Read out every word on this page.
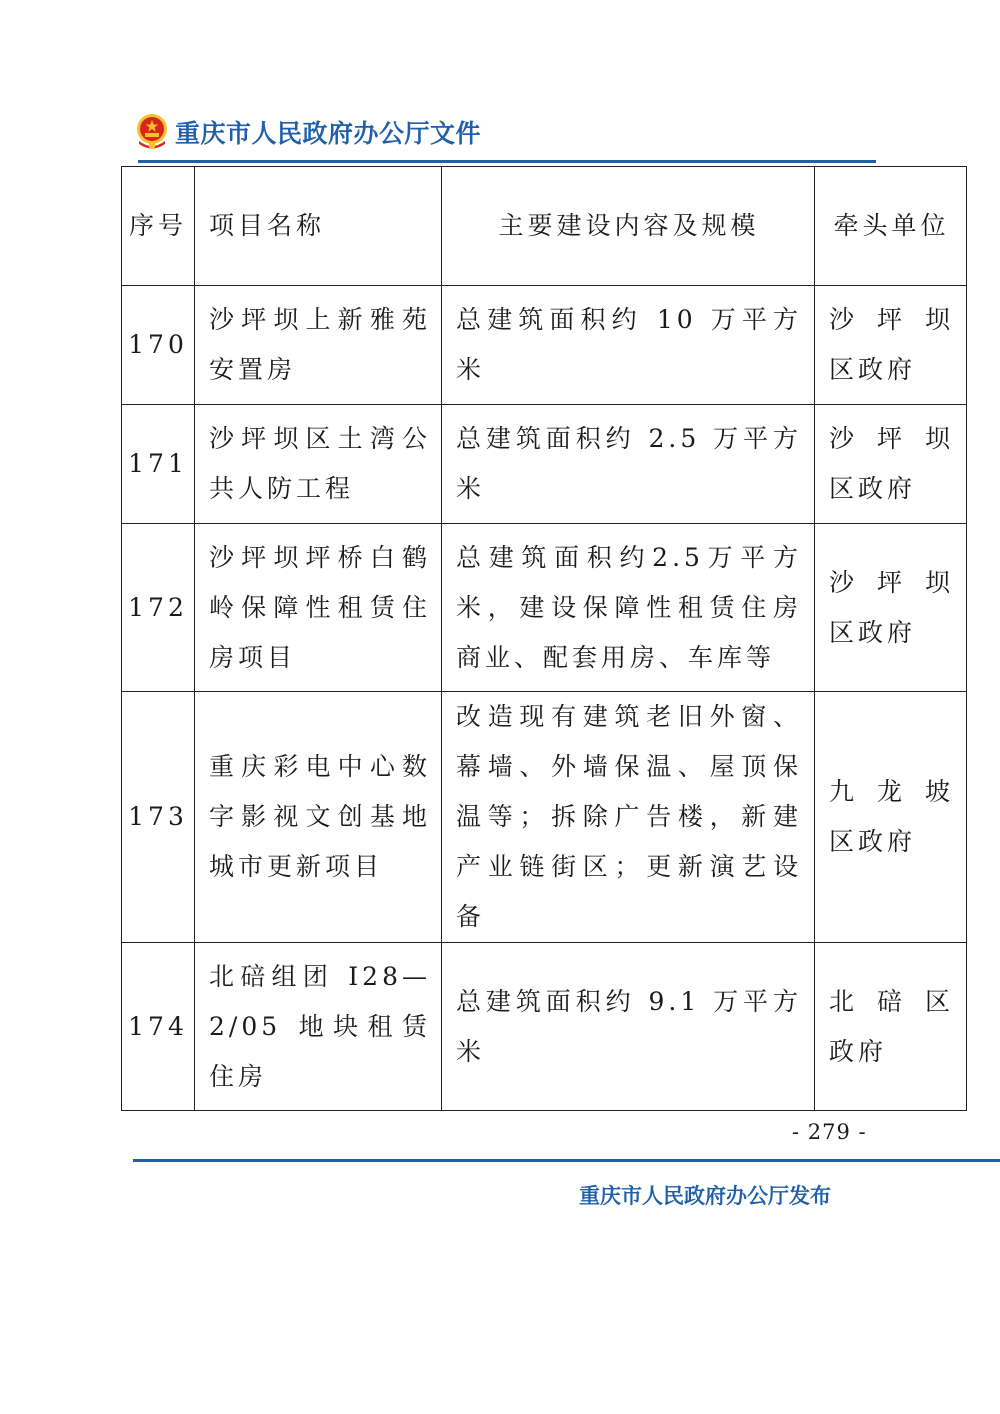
重庆市人民政府办公厅文件
序号	项目名称	主要建设内容及规模	牵头单位
170	沙坪坝上新雅苑安置房	总建筑面积约 10 万平方米	沙 坪 坝
区政府

171	沙坪坝区土湾公共人防工程	总建筑面积约 2.5 万平方米	沙 坪 坝
区政府

172	沙坪坝坪桥白鹤岭保障性租赁住房项目	总建筑面积约2.5万平方米，建设保障性租赁住房商业、配套用房、车库等	沙 坪 坝
区政府

173	重庆彩电中心数字影视文创基地城市更新项目	改造现有建筑老旧外窗、幕墙、外墙保温、屋顶保温等；拆除广告楼，新建产业链街区；更新演艺设备	九 龙 坡
区政府

174	北碚组团 I28—2/05 地块租赁住房	总建筑面积约 9.1 万平方米	北 碚 区
政府
- 279 -
重庆市人民政府办公厅发布
